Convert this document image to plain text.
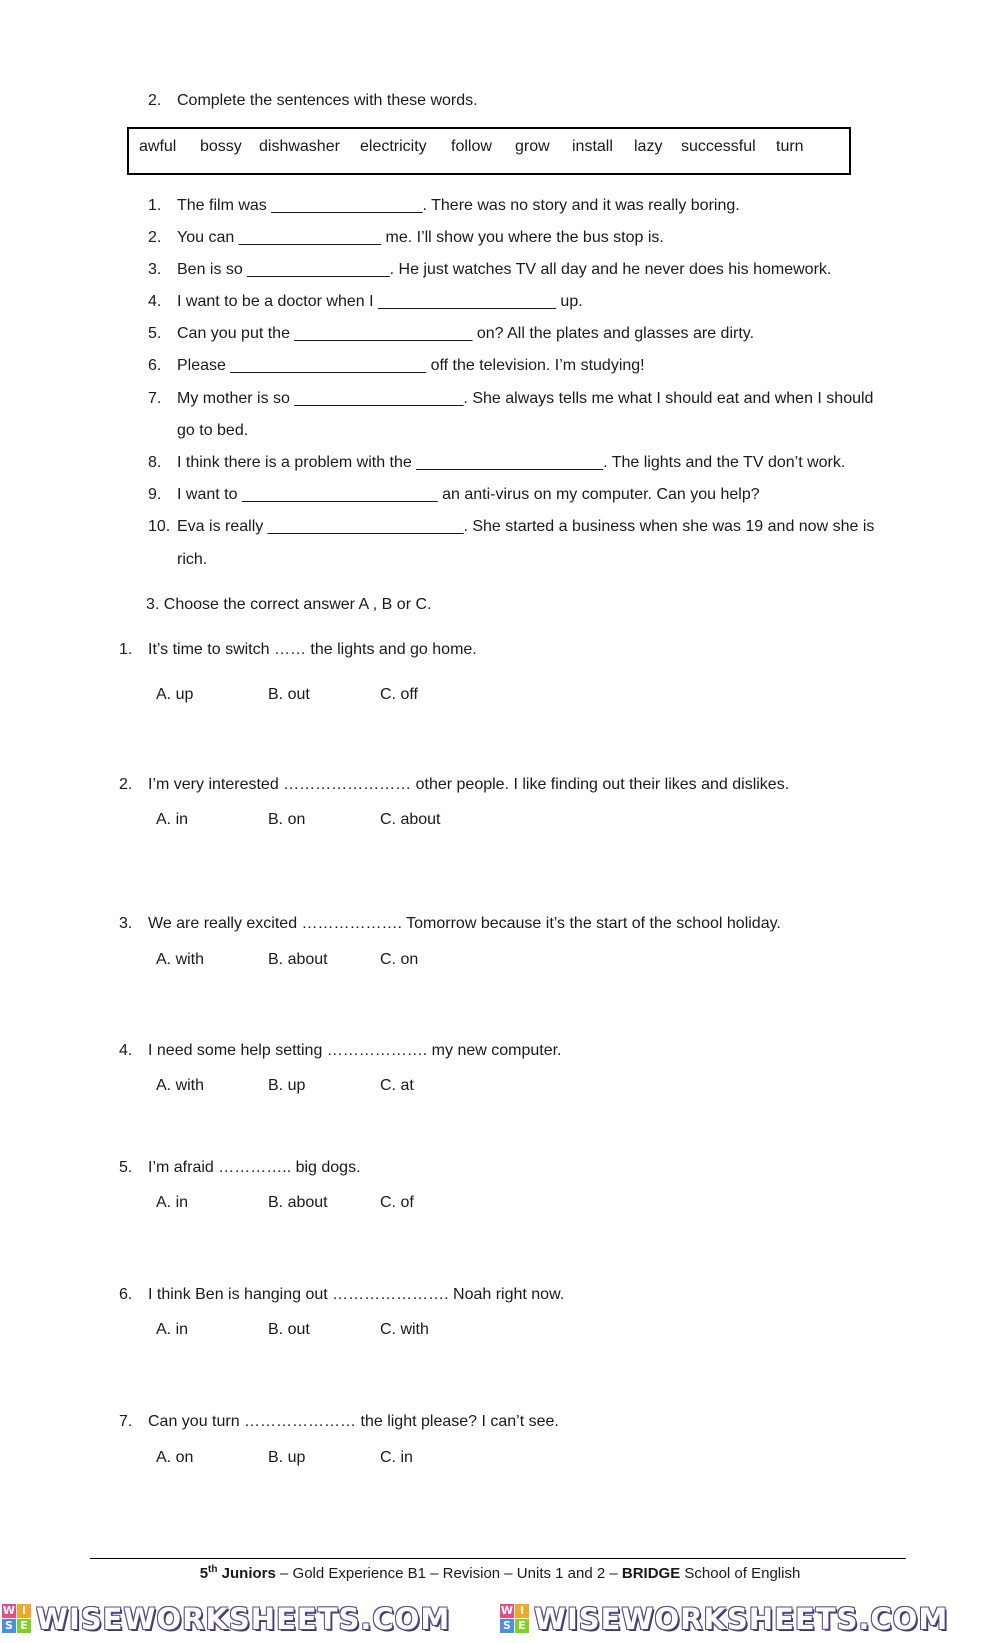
2. Complete the sentences with these words.
awful bossy dishwasher electricity follow grow install lazy successful turn
1. The film was _________________. There was no story and it was really boring.
2. You can ________________ me. I’ll show you where the bus stop is.
3. Ben is so ________________. He just watches TV all day and he never does his homework.
4. I want to be a doctor when I ____________________ up.
5. Can you put the ____________________ on? All the plates and glasses are dirty.
6. Please ______________________ off the television. I’m studying!
7. My mother is so ___________________. She always tells me what I should eat and when I should
go to bed.
8. I think there is a problem with the _____________________. The lights and the TV don’t work.
9. I want to ______________________ an anti-virus on my computer. Can you help?
10. Eva is really ______________________. She started a business when she was 19 and now she is
rich.
3. Choose the correct answer A , B or C.
1. It’s time to switch …… the lights and go home.
A. up	B. out	C. off
2. I’m very interested …………………… other people. I like finding out their likes and dislikes.
A. in	B. on	C. about
3. We are really excited ………………. Tomorrow because it’s the start of the school holiday.
A. with	B. about	C. on
4. I need some help setting ………………. my new computer.
A. with	B. up	C. at
5. I’m afraid ………….. big dogs.
A. in	B. about	C. of
6. I think Ben is hanging out …………………. Noah right now.
A. in	B. out	C. with
7. Can you turn ………………… the light please? I can’t see.
A. on	B. up	C. in
5th Juniors – Gold Experience B1 – Revision – Units 1 and 2 – BRIDGE School of English
W I
S E WISEWORKSHEETS.COM	W I
S E WISEWORKSHEETS.COM
